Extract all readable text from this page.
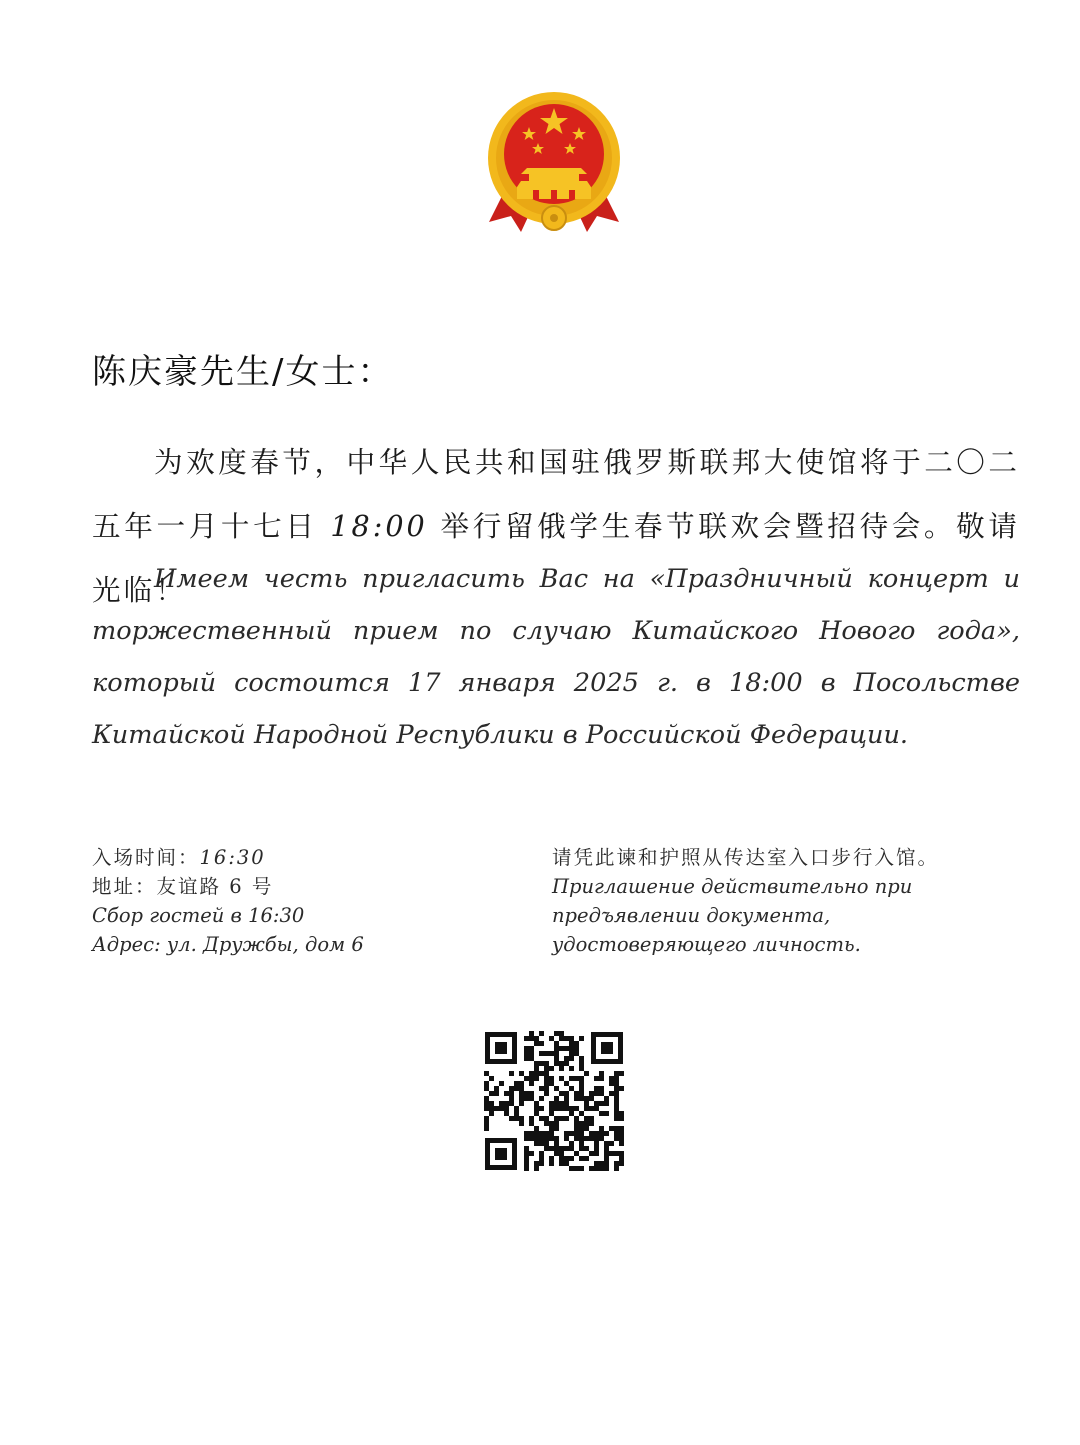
陈庆豪先生/女士：

为欢度春节，中华人民共和国驻俄罗斯联邦大使馆将于二〇二五年一月十七日 18:00 举行留俄学生春节联欢会暨招待会。敬请光临！

Имеем честь пригласить Вас на «Праздничный концерт и торжественный прием по случаю Китайского Нового года», который состоится 17 января 2025 г. в 18:00 в Посольстве Китайской Народной Республики в Российской Федерации.

入场时间：16:30
地址：友谊路 6 号
Сбор гостей в 16:30
Адрес: ул. Дружбы, дом 6
请凭此谏和护照从传达室入口步行入馆。
Приглашение действительно при предъявлении документа, удостоверяющего личность.
